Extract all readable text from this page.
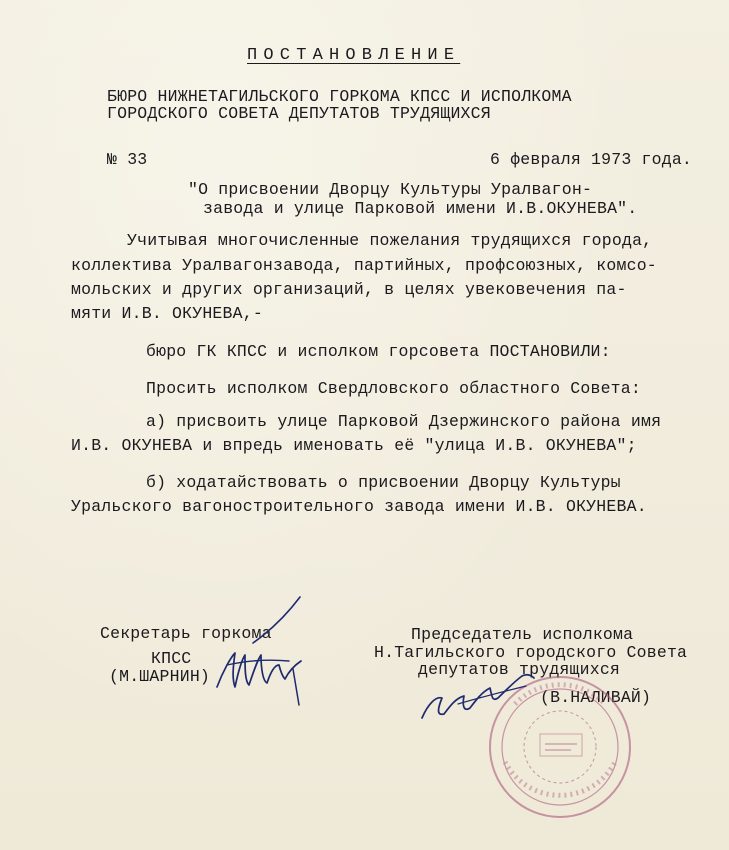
ПОСТАНОВЛЕНИЕ
БЮРО НИЖНЕТАГИЛЬСКОГО ГОРКОМА КПСС И ИСПОЛКОМА
ГОРОДСКОГО СОВЕТА ДЕПУТАТОВ ТРУДЯЩИХСЯ
№ 33	6 февраля 1973 года.
"О присвоении Дворцу Культуры Уралвагон-
завода и улице Парковой имени И.В.ОКУНЕВА".
Учитывая многочисленные пожелания трудящихся города,
коллектива Уралвагонзавода, партийных, профсоюзных, комсо-
мольских и других организаций, в целях увековечения па-
мяти И.В. ОКУНЕВА,-
бюро ГК КПСС и исполком горсовета ПОСТАНОВИЛИ:
Просить исполком Свердловского областного Совета:
а) присвоить улице Парковой Дзержинского района имя
И.В. ОКУНЕВА и впредь именовать её "улица И.В. ОКУНЕВА";
б) ходатайствовать о присвоении Дворцу Культуры
Уральского вагоностроительного завода имени И.В. ОКУНЕВА.
Секретарь горкома
КПСС
(М.ШАРНИН)
Председатель исполкома
Н.Тагильского городского Совета
депутатов трудящихся
(В.НАЛИВАЙ)
